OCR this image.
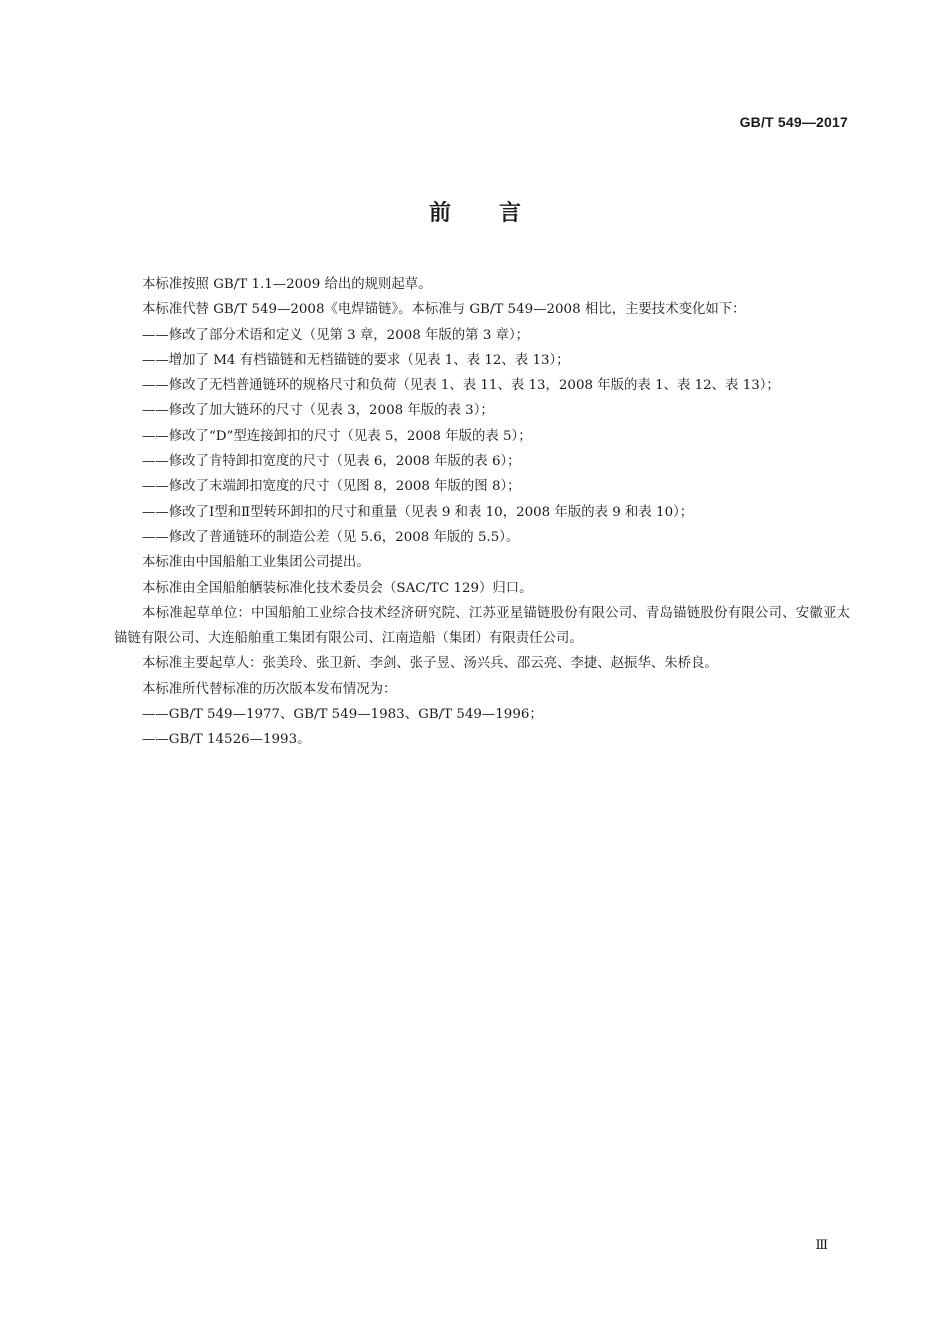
GB/T 549—2017
前言

本标准按照 GB/T 1.1—2009 给出的规则起草。

本标准代替 GB/T 549—2008《电焊锚链》。本标准与 GB/T 549—2008 相比，主要技术变化如下：

——修改了部分术语和定义（见第 3 章，2008 年版的第 3 章）；

——增加了 M4 有档锚链和无档锚链的要求（见表 1、表 12、表 13）；

——修改了无档普通链环的规格尺寸和负荷（见表 1、表 11、表 13，2008 年版的表 1、表 12、表 13）；

——修改了加大链环的尺寸（见表 3，2008 年版的表 3）；

——修改了“D”型连接卸扣的尺寸（见表 5，2008 年版的表 5）；

——修改了肯特卸扣宽度的尺寸（见表 6，2008 年版的表 6）；

——修改了末端卸扣宽度的尺寸（见图 8，2008 年版的图 8）；

——修改了Ⅰ型和Ⅱ型转环卸扣的尺寸和重量（见表 9 和表 10，2008 年版的表 9 和表 10）；

——修改了普通链环的制造公差（见 5.6，2008 年版的 5.5）。

本标准由中国船舶工业集团公司提出。

本标准由全国船舶舾装标准化技术委员会（SAC/TC 129）归口。

本标准起草单位：中国船舶工业综合技术经济研究院、江苏亚星锚链股份有限公司、青岛锚链股份有限公司、安徽亚太锚链有限公司、大连船舶重工集团有限公司、江南造船（集团）有限责任公司。

本标准主要起草人：张美玲、张卫新、李剑、张子昱、汤兴兵、邵云亮、李捷、赵振华、朱桥良。

本标准所代替标准的历次版本发布情况为：

——GB/T 549—1977、GB/T 549—1983、GB/T 549—1996；

——GB/T 14526—1993。

Ⅲ
